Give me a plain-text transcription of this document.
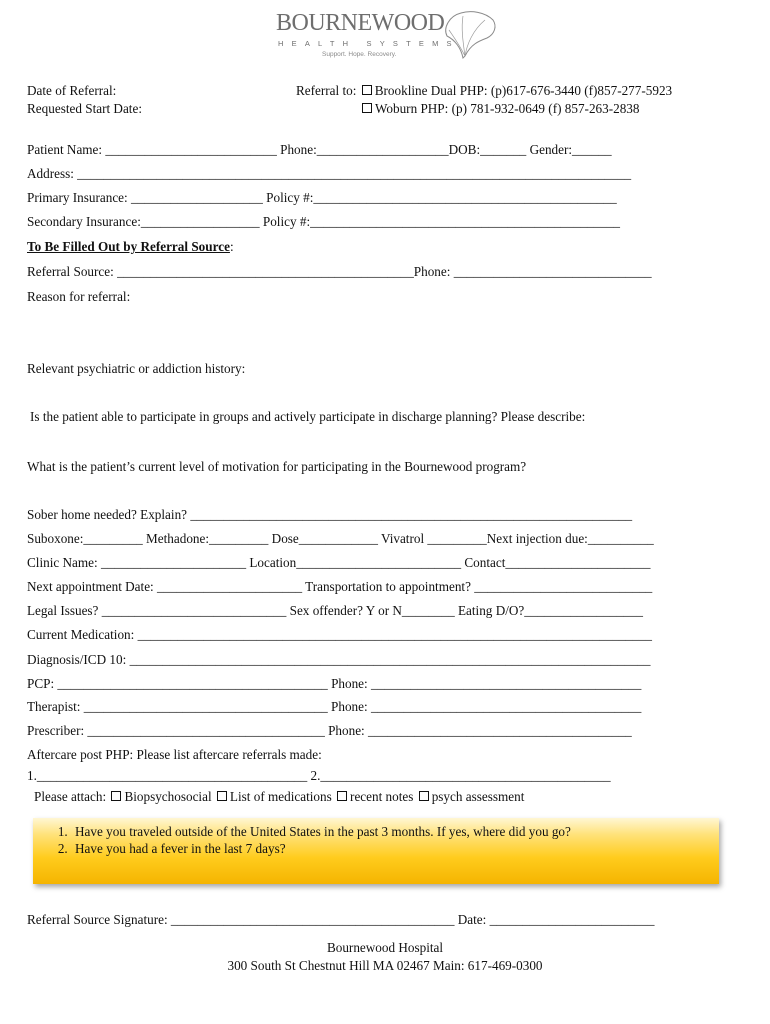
BOURNEWOOD
HEALTH SYSTEMS
Support. Hope. Recovery.
Date of Referral:
Requested Start Date:
Referral to: Brookline Dual PHP: (p)617-676-3440 (f)857-277-5923
Woburn PHP: (p) 781-932-0649 (f) 857-263-2838
Patient Name: __________________________ Phone:____________________DOB:_______ Gender:______
Address: ____________________________________________________________________________________
Primary Insurance: ____________________ Policy #:______________________________________________
Secondary Insurance:__________________ Policy #:_______________________________________________
To Be Filled Out by Referral Source:
Referral Source: _____________________________________________Phone: ______________________________
Reason for referral:
Relevant psychiatric or addiction history:
Is the patient able to participate in groups and actively participate in discharge planning? Please describe:
What is the patient’s current level of motivation for participating in the Bournewood program?
Sober home needed? Explain? ___________________________________________________________________
Suboxone:_________ Methadone:_________ Dose____________ Vivatrol _________Next injection due:__________
Clinic Name: ______________________ Location_________________________ Contact______________________
Next appointment Date: ______________________ Transportation to appointment? ___________________________
Legal Issues? ____________________________ Sex offender? Y or N________ Eating D/O?__________________
Current Medication: ______________________________________________________________________________
Diagnosis/ICD 10: _______________________________________________________________________________
PCP: _________________________________________ Phone: _________________________________________
Therapist: _____________________________________ Phone: _________________________________________
Prescriber: ____________________________________ Phone: ________________________________________
Aftercare post PHP: Please list aftercare referrals made:
1._________________________________________ 2.____________________________________________
Please attach: Biopsychosocial List of medications recent notes psych assessment
1. Have you traveled outside of the United States in the past 3 months. If yes, where did you go?
2. Have you had a fever in the last 7 days?
Referral Source Signature: ___________________________________________ Date: _________________________
Bournewood Hospital
300 South St Chestnut Hill MA 02467 Main: 617-469-0300
